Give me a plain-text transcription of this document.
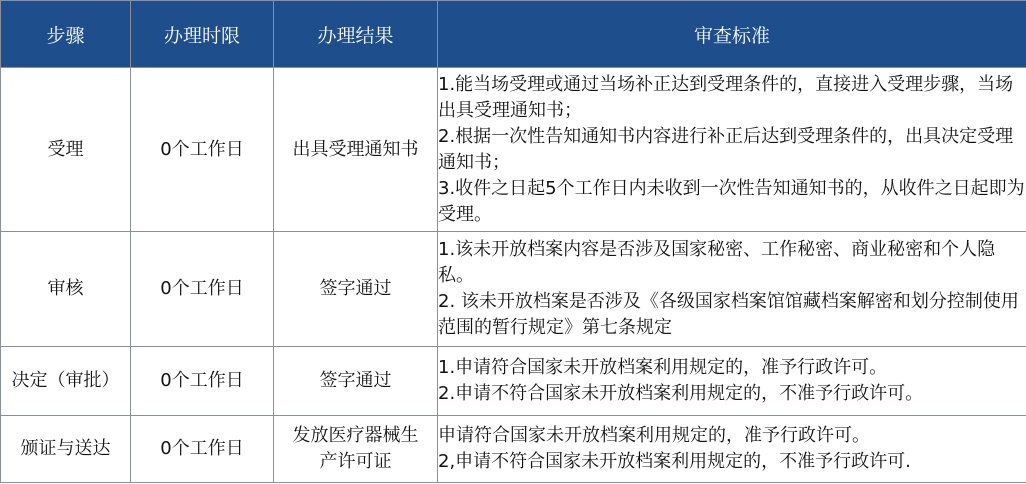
步骤	办理时限	办理结果	审查标准
受理	0个工作日	出具受理通知书	1.能当场受理或通过当场补正达到受理条件的，直接进入受理步骤，当场出具受理通知书；
2.根据一次性告知通知书内容进行补正后达到受理条件的，出具决定受理通知书；
3.收件之日起5个工作日内未收到一次性告知通知书的，从收件之日起即为受理。

审核	0个工作日	签字通过	1.该未开放档案内容是否涉及国家秘密、工作秘密、商业秘密和个人隐私。
2. 该未开放档案是否涉及《各级国家档案馆馆藏档案解密和划分控制使用范围的暂行规定》第七条规定

决定（审批）	0个工作日	签字通过	1.申请符合国家未开放档案利用规定的，准予行政许可。
2.申请不符合国家未开放档案利用规定的，不准予行政许可。

颁证与送达	0个工作日	发放医疗器械生产许可证	申请符合国家未开放档案利用规定的，准予行政许可。
2,申请不符合国家未开放档案利用规定的，不准予行政许可.
